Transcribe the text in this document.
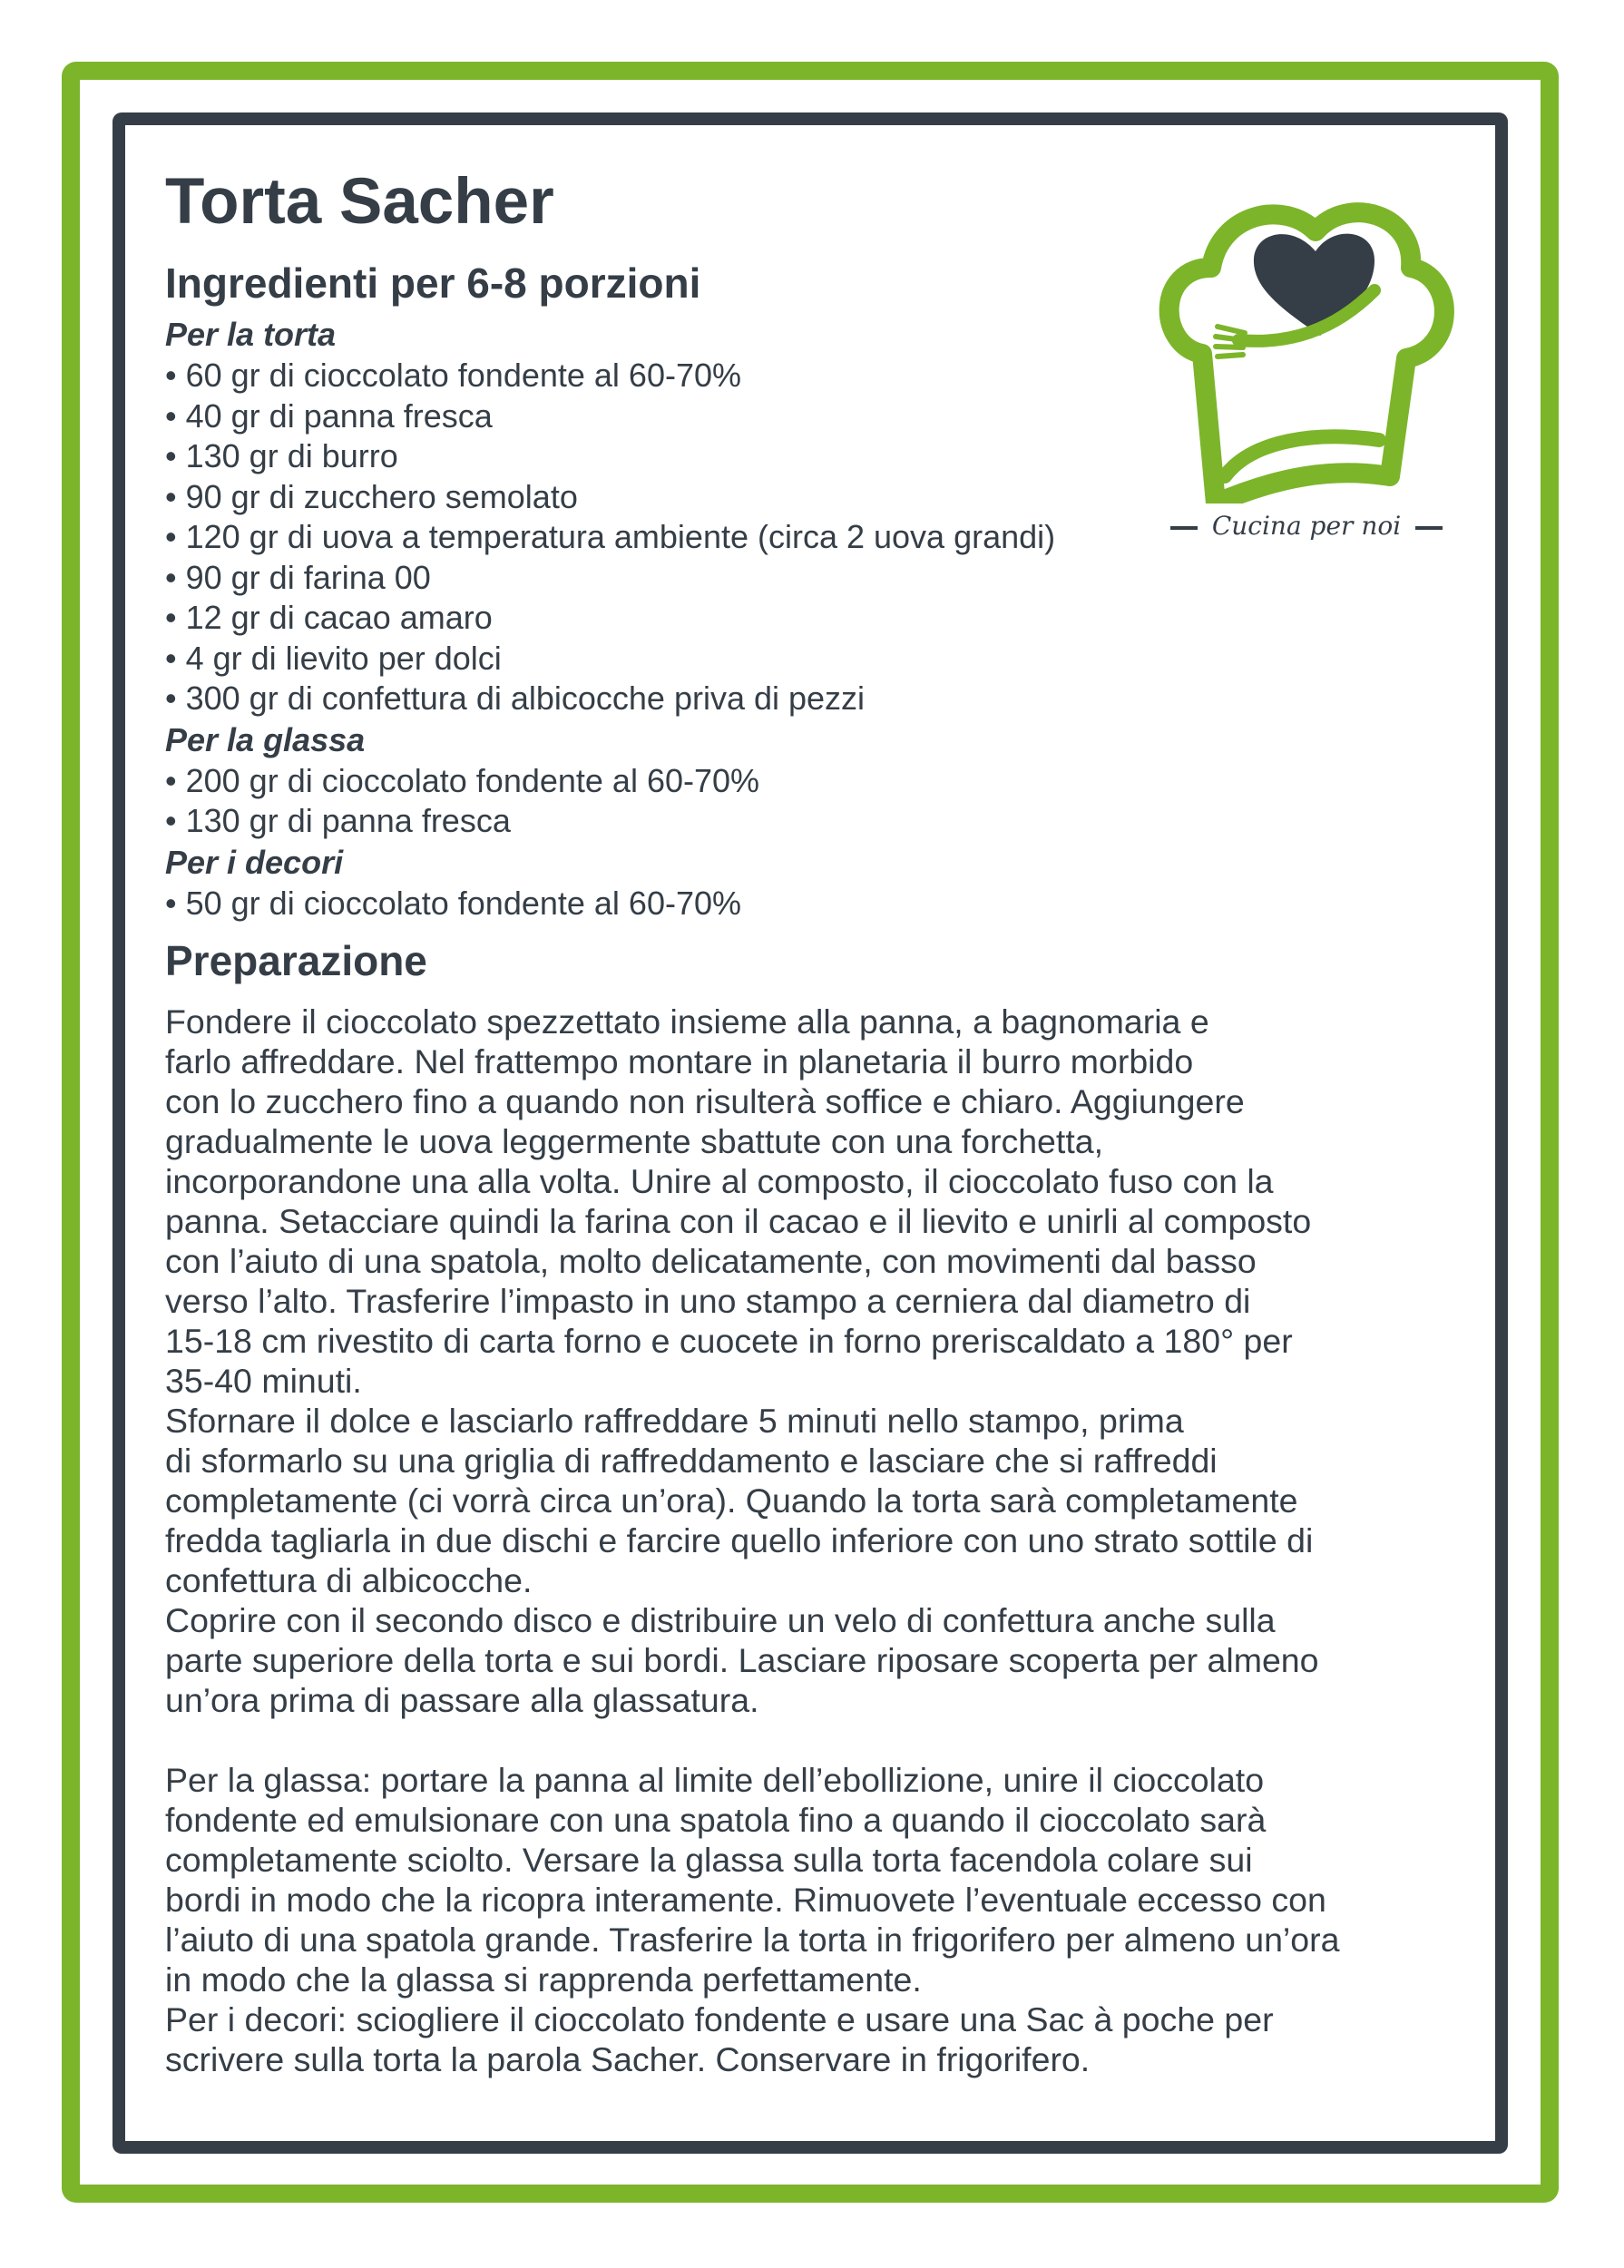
Cucina per noi
Torta Sacher
Ingredienti per 6-8 porzioni
Per la torta
• 60 gr di cioccolato fondente al 60-70%
• 40 gr di panna fresca
• 130 gr di burro
• 90 gr di zucchero semolato
• 120 gr di uova a temperatura ambiente (circa 2 uova grandi)
• 90 gr di farina 00
• 12 gr di cacao amaro
• 4 gr di lievito per dolci
• 300 gr di confettura di albicocche priva di pezzi
Per la glassa
• 200 gr di cioccolato fondente al 60-70%
• 130 gr di panna fresca
Per i decori
• 50 gr di cioccolato fondente al 60-70%
Preparazione

Fondere il cioccolato spezzettato insieme alla panna, a bagnomaria e
farlo affreddare. Nel frattempo montare in planetaria il burro morbido
con lo zucchero fino a quando non risulterà soffice e chiaro. Aggiungere
gradualmente le uova leggermente sbattute con una forchetta,
incorporandone una alla volta. Unire al composto, il cioccolato fuso con la
panna. Setacciare quindi la farina con il cacao e il lievito e unirli al composto
con l’aiuto di una spatola, molto delicatamente, con movimenti dal basso
verso l’alto. Trasferire l’impasto in uno stampo a cerniera dal diametro di
15-18 cm rivestito di carta forno e cuocete in forno preriscaldato a 180° per
35-40 minuti.
Sfornare il dolce e lasciarlo raffreddare 5 minuti nello stampo, prima
di sformarlo su una griglia di raffreddamento e lasciare che si raffreddi
completamente (ci vorrà circa un’ora). Quando la torta sarà completamente
fredda tagliarla in due dischi e farcire quello inferiore con uno strato sottile di
confettura di albicocche.
Coprire con il secondo disco e distribuire un velo di confettura anche sulla
parte superiore della torta e sui bordi. Lasciare riposare scoperta per almeno
un’ora prima di passare alla glassatura.

Per la glassa: portare la panna al limite dell’ebollizione, unire il cioccolato
fondente ed emulsionare con una spatola fino a quando il cioccolato sarà
completamente sciolto. Versare la glassa sulla torta facendola colare sui
bordi in modo che la ricopra interamente. Rimuovete l’eventuale eccesso con
l’aiuto di una spatola grande. Trasferire la torta in frigorifero per almeno un’ora
in modo che la glassa si rapprenda perfettamente.
Per i decori: sciogliere il cioccolato fondente e usare una Sac à poche per
scrivere sulla torta la parola Sacher. Conservare in frigorifero.
